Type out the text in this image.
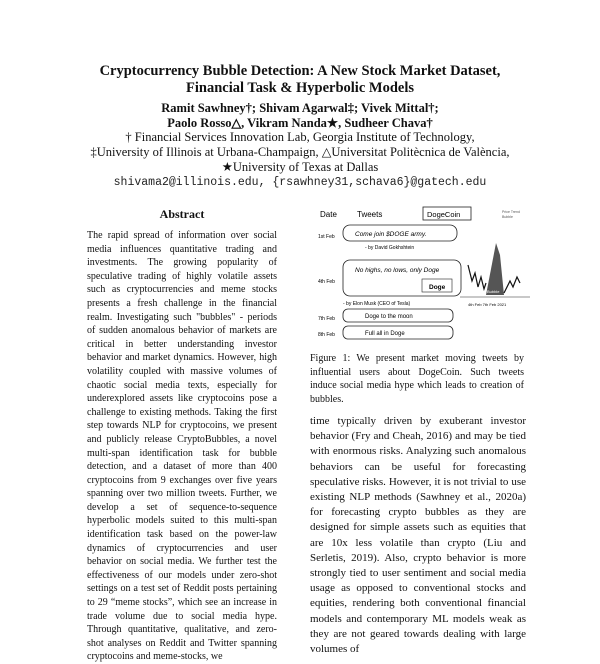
Cryptocurrency Bubble Detection: A New Stock Market Dataset,
Financial Task & Hyperbolic Models
Ramit Sawhney†; Shivam Agarwal‡; Vivek Mittal†;
Paolo Rosso△, Vikram Nanda★, Sudheer Chava†
† Financial Services Innovation Lab, Georgia Institute of Technology,
‡University of Illinois at Urbana-Champaign, △Universitat Politècnica de València,
★University of Texas at Dallas
shivama2@illinois.edu, {rsawhney31,schava6}@gatech.edu
Abstract

The rapid spread of information over social media influences quantitative trading and investments. The growing popularity of speculative trading of highly volatile assets such as cryptocurrencies and meme stocks presents a fresh challenge in the financial realm. Investigating such "bubbles" - periods of sudden anomalous behavior of markets are critical in better understanding investor behavior and market dynamics. However, high volatility coupled with massive volumes of chaotic social media texts, especially for underexplored assets like cryptocoins pose a challenge to existing methods. Taking the first step towards NLP for cryptocoins, we present and publicly release CryptoBubbles, a novel multi-span identification task for bubble detection, and a dataset of more than 400 cryptocoins from 9 exchanges over five years spanning over two million tweets. Further, we develop a set of sequence-to-sequence hyperbolic models suited to this multi-span identification task based on the power-law dynamics of cryptocurrencies and user behavior on social media. We further test the effectiveness of our models under zero-shot settings on a test set of Reddit posts pertaining to 29 “meme stocks”, which see an increase in trade volume due to social media hype. Through quantitative, qualitative, and zero-shot analyses on Reddit and Twitter spanning cryptocoins and meme-stocks, we

Date	Tweets	DogeCoin	Price Trend
Bubble
1st Feb
4th Feb
7th Feb
8th Feb
Come join $DOGE army.
- by David Gokhshtein
No highs, no lows, only Doge
Doge
- by Elon Musk (CEO of Tesla)
Doge to the moon
Full all in Doge
Bubble
4th Feb 7th Feb 2021

Figure 1: We present market moving tweets by influential users about DogeCoin. Such tweets induce social media hype which leads to creation of bubbles.

time typically driven by exuberant investor behavior (Fry and Cheah, 2016) and may be tied with enormous risks. Analyzing such anomalous behaviors can be useful for forecasting speculative risks. However, it is not trivial to use existing NLP methods (Sawhney et al., 2020a) for forecasting crypto bubbles as they are designed for simple assets such as equities that are 10x less volatile than crypto (Liu and Serletis, 2019). Also, crypto behavior is more strongly tied to user sentiment and social media usage as opposed to conventional stocks and equities, rendering both conventional financial models and contemporary ML models weak as they are not geared towards dealing with large volumes of
